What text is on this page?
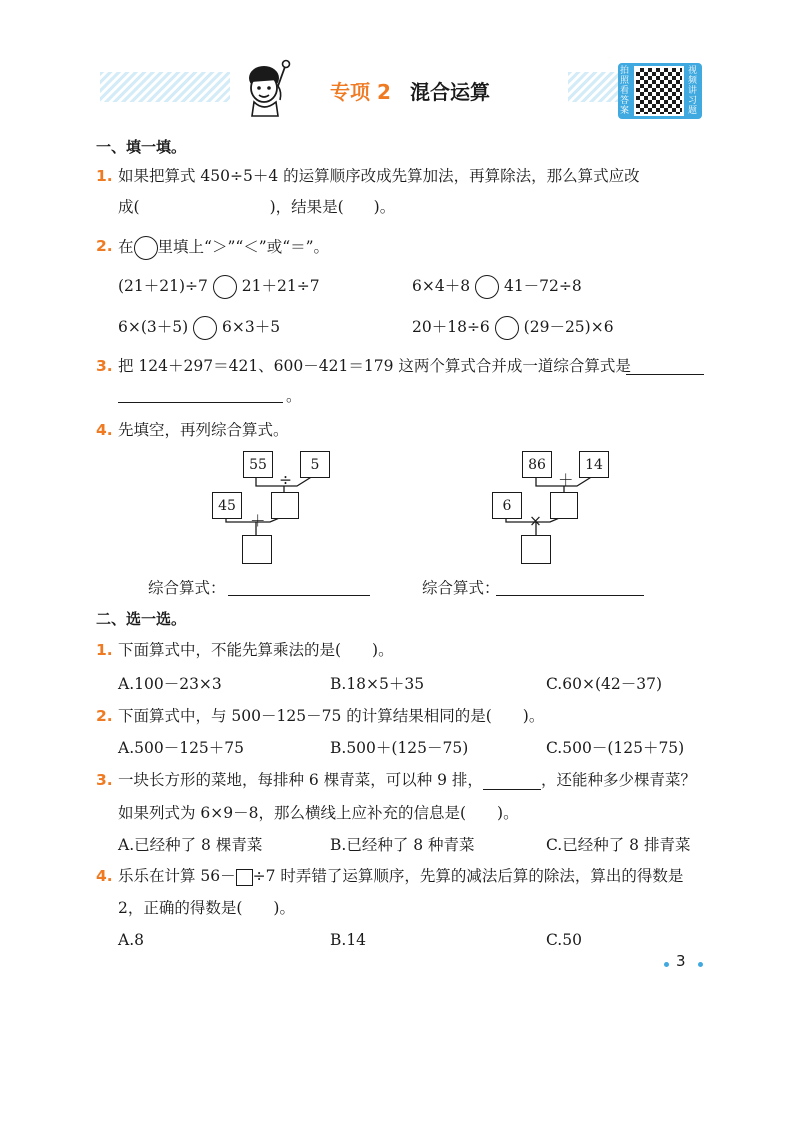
专项 2 混合运算
拍照看答案
视频讲习题
一、填一填。
1. 如果把算式 450÷5＋4 的运算顺序改成先算加法，再算除法，那么算式应改
成(	)，结果是( )。
2. 在 里填上“＞”“＜”或“＝”。
(21＋21)÷7 21＋21÷7	6×4＋8 41－72÷8
6×(3＋5) 6×3＋5	20＋18÷6 (29－25)×6
3. 把 124＋297＝421、600－421＝179 这两个算式合并成一道综合算式是
。
4. 先填空，再列综合算式。
55	5
÷
45
＋
86	14
＋
6
×
综合算式：	综合算式：
二、选一选。
1. 下面算式中，不能先算乘法的是(　　)。
A.100－23×3	B.18×5＋35	C.60×(42－37)
2. 下面算式中，与 500－125－75 的计算结果相同的是(　　)。
A.500－125＋75	B.500＋(125－75)	C.500－(125＋75)
3. 一块长方形的菜地，每排种 6 棵青菜，可以种 9 排，	，还能种多少棵青菜？
如果列式为 6×9－8，那么横线上应补充的信息是(　　)。
A.已经种了 8 棵青菜	B.已经种了 8 种青菜	C.已经种了 8 排青菜
4. 乐乐在计算 56－ ÷7 时弄错了运算顺序，先算的减法后算的除法，算出的得数是
2，正确的得数是(　　)。
A.8	B.14	C.50
3
